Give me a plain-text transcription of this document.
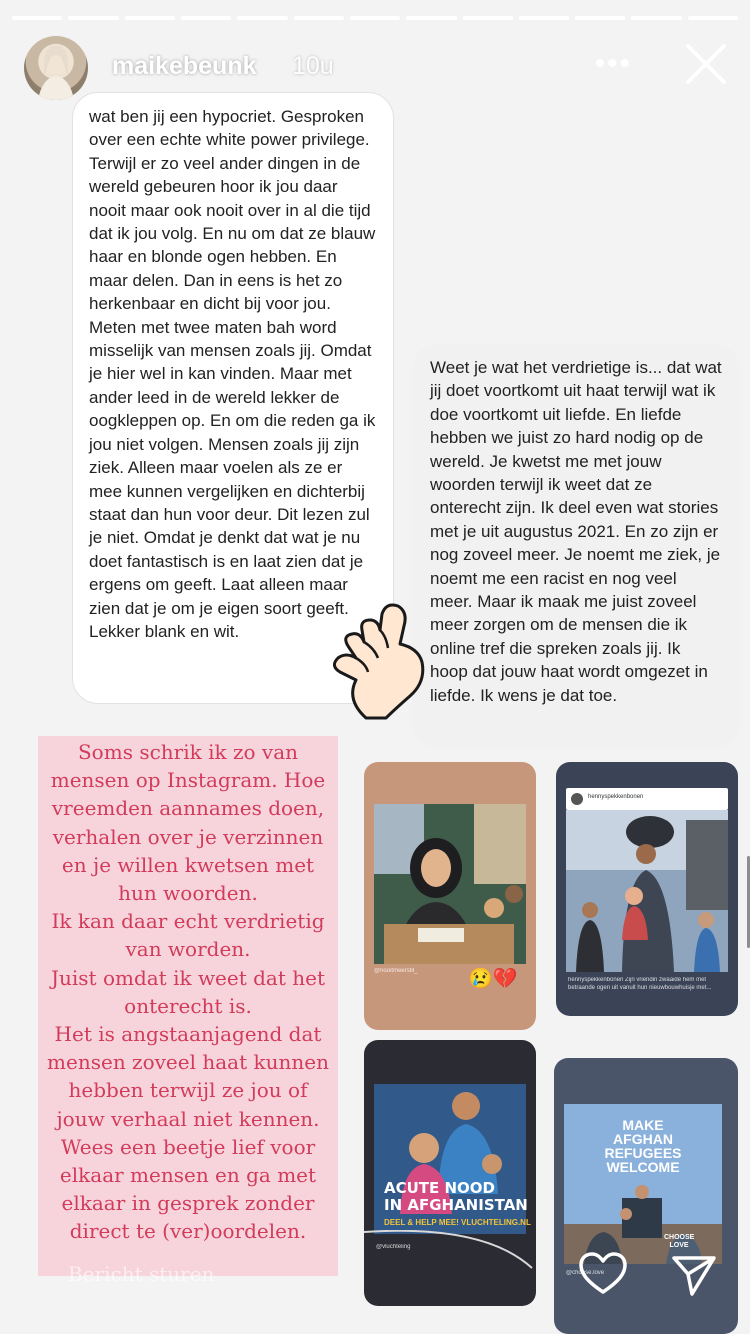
maikebeunk 10u	•••
wat ben jij een hypocriet. Gesproken over een echte white power privilege. Terwijl er zo veel ander dingen in de wereld gebeuren hoor ik jou daar nooit maar ook nooit over in al die tijd dat ik jou volg. En nu om dat ze blauw haar en blonde ogen hebben. En maar delen. Dan in eens is het zo herkenbaar en dicht bij voor jou. Meten met twee maten bah word misselijk van mensen zoals jij. Omdat je hier wel in kan vinden. Maar met ander leed in de wereld lekker de oogkleppen op. En om die reden ga ik jou niet volgen. Mensen zoals jij zijn ziek. Alleen maar voelen als ze er mee kunnen vergelijken en dichterbij staat dan hun voor deur. Dit lezen zul je niet. Omdat je denkt dat wat je nu doet fantastisch is en laat zien dat je ergens om geeft. Laat alleen maar zien dat je om je eigen soort geeft. Lekker blank en wit.
Weet je wat het verdrietige is... dat wat jij doet voortkomt uit haat terwijl wat ik doe voortkomt uit liefde. En liefde hebben we juist zo hard nodig op de wereld. Je kwetst me met jouw woorden terwijl ik weet dat ze onterecht zijn. Ik deel even wat stories met je uit augustus 2021. En zo zijn er nog zoveel meer. Je noemt me ziek, je noemt me een racist en nog veel meer. Maar ik maak me juist zoveel meer zorgen om de mensen die ik online tref die spreken zoals jij. Ik hoop dat jouw haat wordt omgezet in liefde. Ik wens je dat toe.
Soms schrik ik zo van mensen op Instagram. Hoe vreemden aannames doen, verhalen over je verzinnen en je willen kwetsen met hun woorden.
Ik kan daar echt verdrietig van worden.
Juist omdat ik weet dat het onterecht is.
Het is angstaanjagend dat mensen zoveel haat kunnen hebben terwijl ze jou of jouw verhaal niet kennen.
Wees een beetje lief voor elkaar mensen en ga met elkaar in gesprek zonder direct te (ver)oordelen.
Bericht sturen
@nooitmeerstil_	😢💔
hennyspekkenbonen
hennyspekkenbonen Zijn vriendin zwaaide hem met betraande ogen uit vanuit hun nieuwbouwhuisje met...
ACUTE NOOD
IN AFGHANISTAN
DEEL & HELP MEE! VLUCHTELING.NL
@vluchteling
MAKE AFGHAN REFUGEES WELCOME
CHOOSE LOVE
@choose.love
